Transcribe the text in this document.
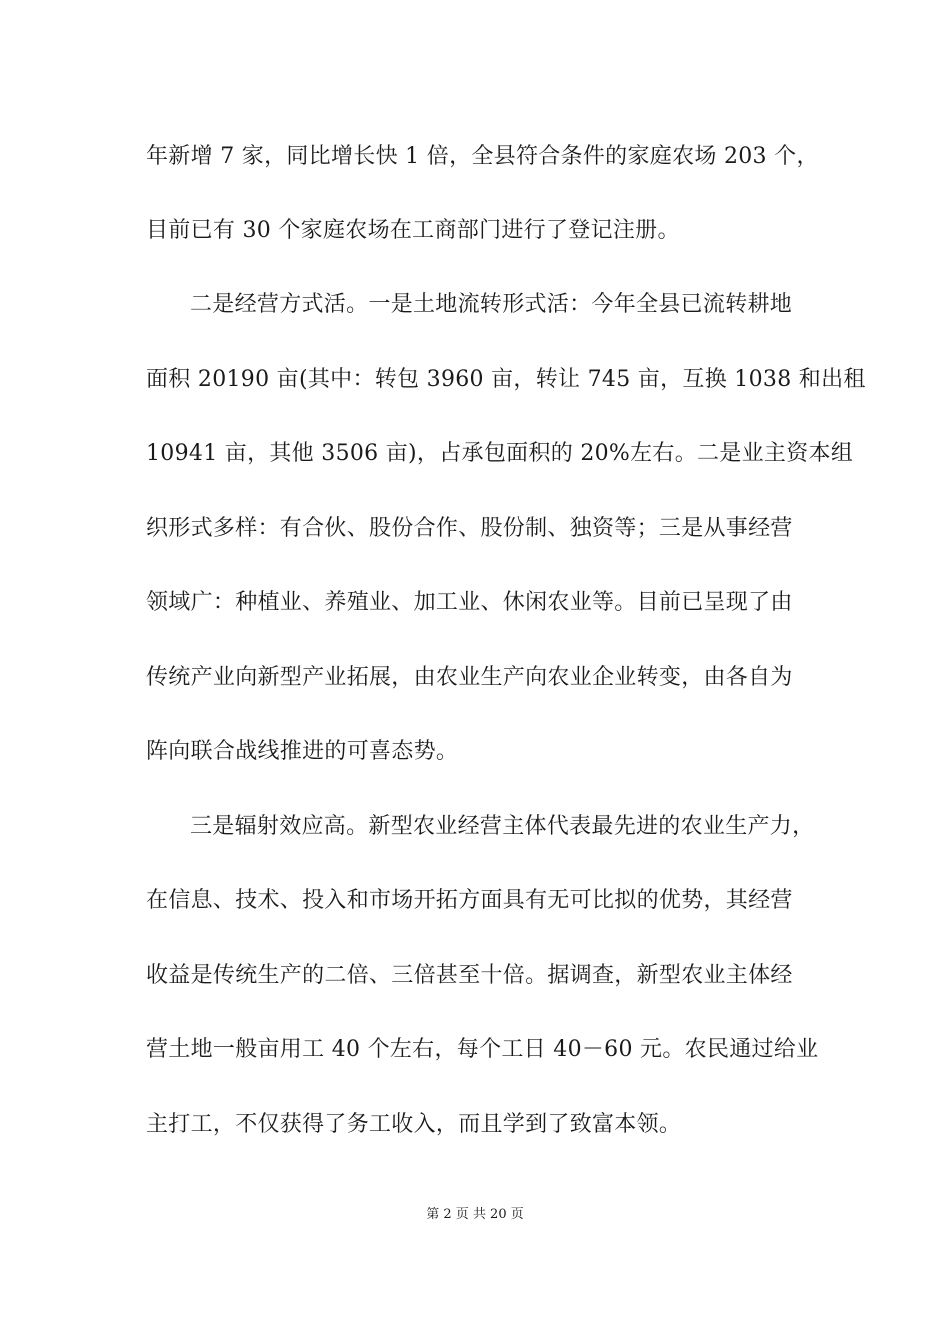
年新增 7 家，同比增长快 1 倍，全县符合条件的家庭农场 203 个，
目前已有 30 个家庭农场在工商部门进行了登记注册。
二是经营方式活。一是土地流转形式活：今年全县已流转耕地
面积 20190 亩(其中：转包 3960 亩，转让 745 亩，互换 1038 和出租
10941 亩，其他 3506 亩)，占承包面积的 20%左右。二是业主资本组
织形式多样：有合伙、股份合作、股份制、独资等；三是从事经营
领域广：种植业、养殖业、加工业、休闲农业等。目前已呈现了由
传统产业向新型产业拓展，由农业生产向农业企业转变，由各自为
阵向联合战线推进的可喜态势。
三是辐射效应高。新型农业经营主体代表最先进的农业生产力，
在信息、技术、投入和市场开拓方面具有无可比拟的优势，其经营
收益是传统生产的二倍、三倍甚至十倍。据调查，新型农业主体经
营土地一般亩用工 40 个左右，每个工日 40－60 元。农民通过给业
主打工，不仅获得了务工收入，而且学到了致富本领。
第 2 页 共 20 页
